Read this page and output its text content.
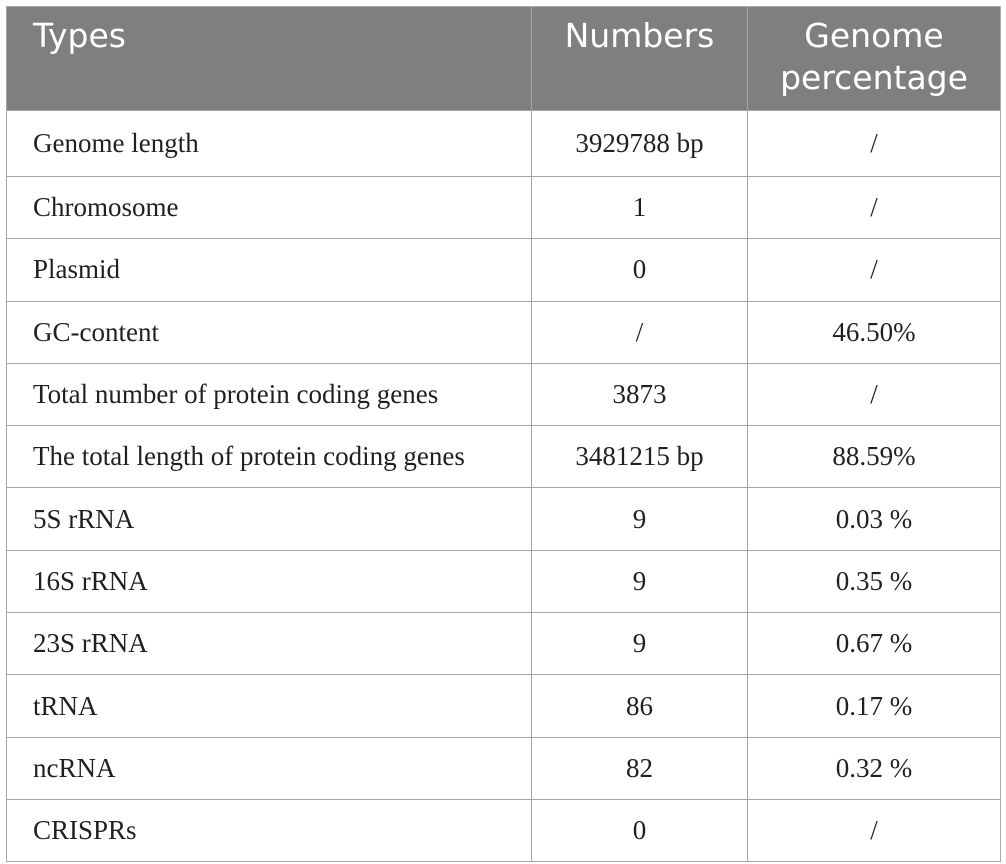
Types	Numbers	Genome percentage
Genome length	3929788 bp	/
Chromosome	1	/
Plasmid	0	/
GC-content	/	46.50%
Total number of protein coding genes	3873	/
The total length of protein coding genes	3481215 bp	88.59%
5S rRNA	9	0.03 %
16S rRNA	9	0.35 %
23S rRNA	9	0.67 %
tRNA	86	0.17 %
ncRNA	82	0.32 %
CRISPRs	0	/
